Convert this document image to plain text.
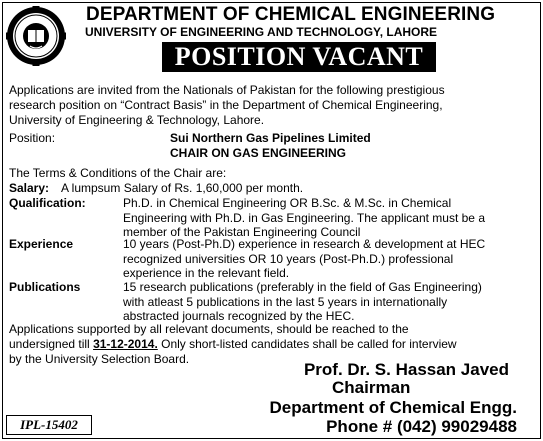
DEPARTMENT OF CHEMICAL ENGINEERING
UNIVERSITY OF ENGINEERING AND TECHNOLOGY, LAHORE
POSITION VACANT
Applications are invited from the Nationals of Pakistan for the following prestigious
research position on “Contract Basis” in the Department of Chemical Engineering,
University of Engineering & Technology, Lahore.
Position:	Sui Northern Gas Pipelines Limited
CHAIR ON GAS ENGINEERING
The Terms & Conditions of the Chair are:
Salary: A lumpsum Salary of Rs. 1,60,000 per month.
Qualification:	Ph.D. in Chemical Engineering OR B.Sc. & M.Sc. in Chemical
Engineering with Ph.D. in Gas Engineering. The applicant must be a
member of the Pakistan Engineering Council
Experience	10 years (Post-Ph.D) experience in research & development at HEC
recognized universities OR 10 years (Post-Ph.D.) professional
experience in the relevant field.
Publications	15 research publications (preferably in the field of Gas Engineering)
with atleast 5 publications in the last 5 years in internationally
abstracted journals recognized by the HEC.
Applications supported by all relevant documents, should be reached to the
undersigned till 31-12-2014. Only short-listed candidates shall be called for interview
by the University Selection Board.
Prof. Dr. S. Hassan Javed
Chairman
Department of Chemical Engg.
Phone # (042) 99029488
IPL-15402
